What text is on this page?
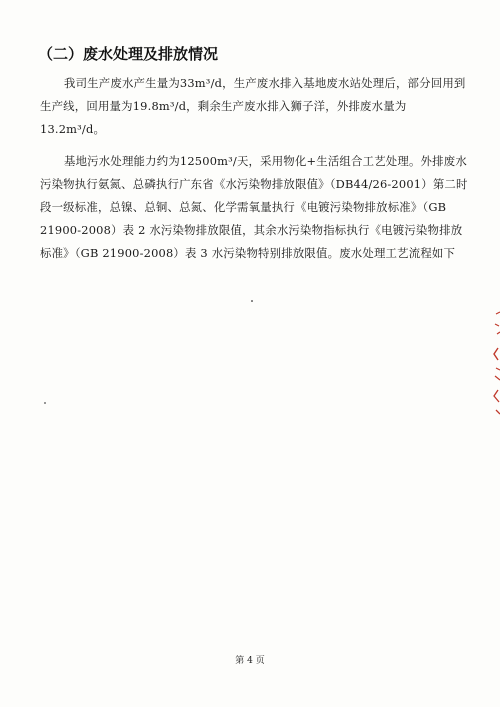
（二）废水处理及排放情况

我司生产废水产生量为33m³/d，生产废水排入基地废水站处理后，部分回用到生产线，回用量为19.8m³/d，剩余生产废水排入狮子洋，外排废水量为13.2m³/d。

基地污水处理能力约为12500m³/天，采用物化+生活组合工艺处理。外排废水污染物执行氨氮、总磷执行广东省《水污染物排放限值》（DB44/26-2001）第二时段一级标准，总镍、总铜、总氮、化学需氧量执行《电镀污染物排放标准》（GB 21900-2008）表 2 水污染物排放限值，其余水污染物指标执行《电镀污染物排放标准》（GB 21900-2008）表 3 水污染物特别排放限值。废水处理工艺流程如下

第 4 页
